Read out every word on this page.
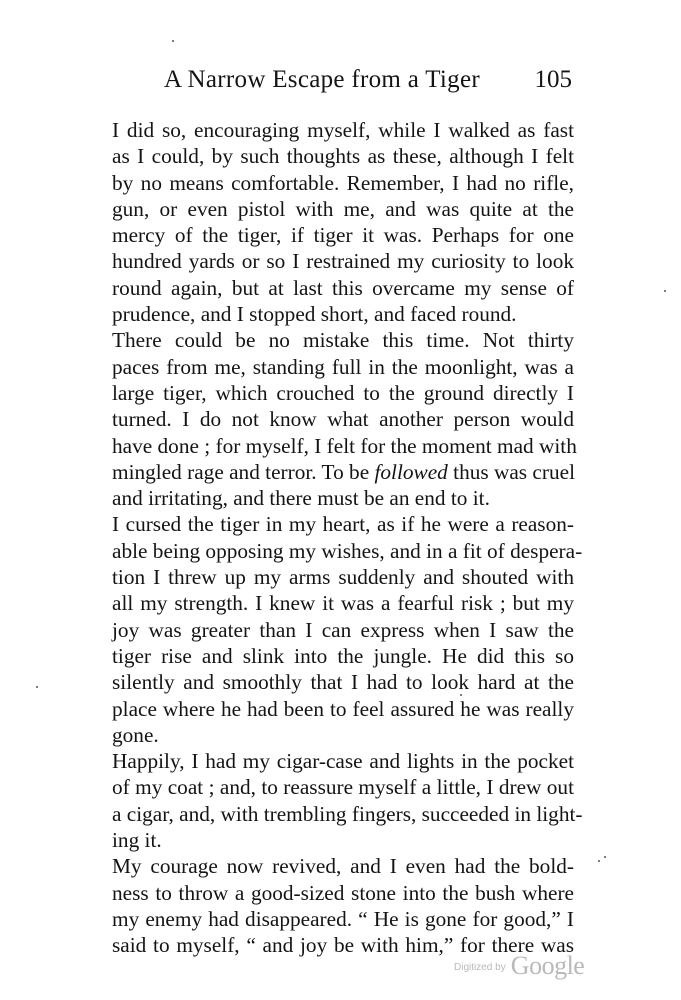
A Narrow Escape from a Tiger 105
I did so, encouraging myself, while I walked as fast
as I could, by such thoughts as these, although I felt
by no means comfortable. Remember, I had no rifle,
gun, or even pistol with me, and was quite at the
mercy of the tiger, if tiger it was. Perhaps for one
hundred yards or so I restrained my curiosity to look
round again, but at last this overcame my sense of
prudence, and I stopped short, and faced round.
There could be no mistake this time. Not thirty
paces from me, standing full in the moonlight, was a
large tiger, which crouched to the ground directly I
turned. I do not know what another person would
have done ; for myself, I felt for the moment mad with
mingled rage and terror. To be followed thus was cruel
and irritating, and there must be an end to it.
I cursed the tiger in my heart, as if he were a reason-
able being opposing my wishes, and in a fit of despera-
tion I threw up my arms suddenly and shouted with
all my strength. I knew it was a fearful risk ; but my
joy was greater than I can express when I saw the
tiger rise and slink into the jungle. He did this so
silently and smoothly that I had to look hard at the
place where he had been to feel assured he was really
gone.
Happily, I had my cigar-case and lights in the pocket
of my coat ; and, to reassure myself a little, I drew out
a cigar, and, with trembling fingers, succeeded in light-
ing it.
My courage now revived, and I even had the bold-
ness to throw a good-sized stone into the bush where
my enemy had disappeared. “ He is gone for good,” I
said to myself, “ and joy be with him,” for there was
$^{Digitized by}$ Google
